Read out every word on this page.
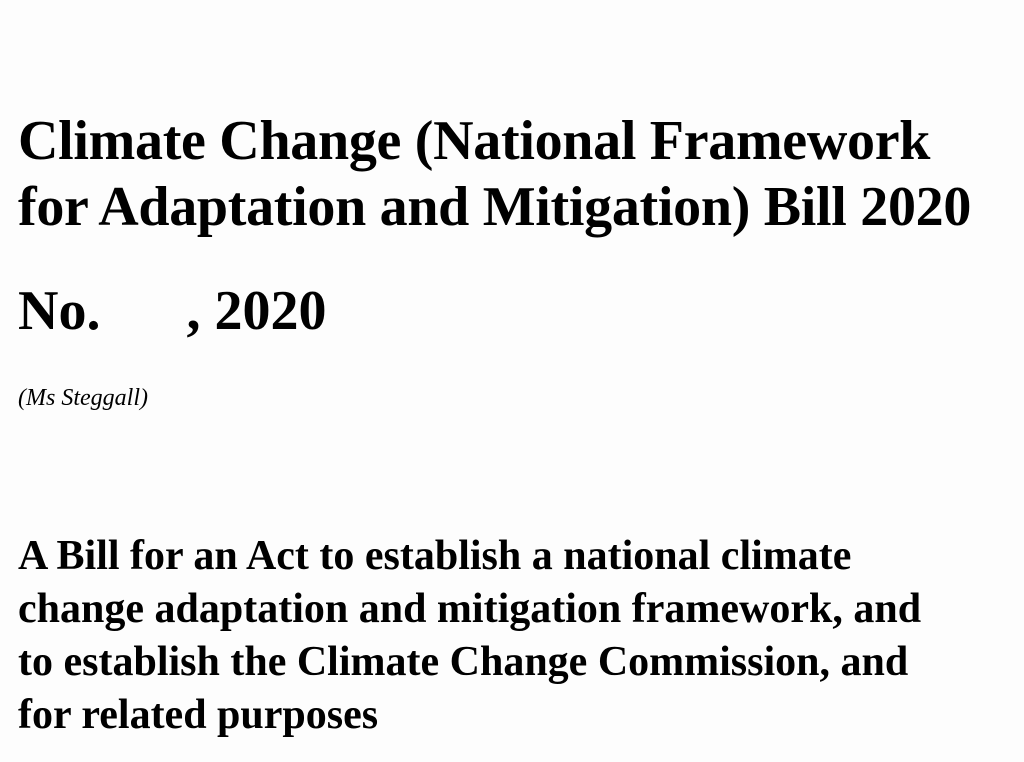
Climate Change (National Framework
for Adaptation and Mitigation) Bill 2020

No. , 2020

(Ms Steggall)

A Bill for an Act to establish a national climate
change adaptation and mitigation framework, and
to establish the Climate Change Commission, and
for related purposes
